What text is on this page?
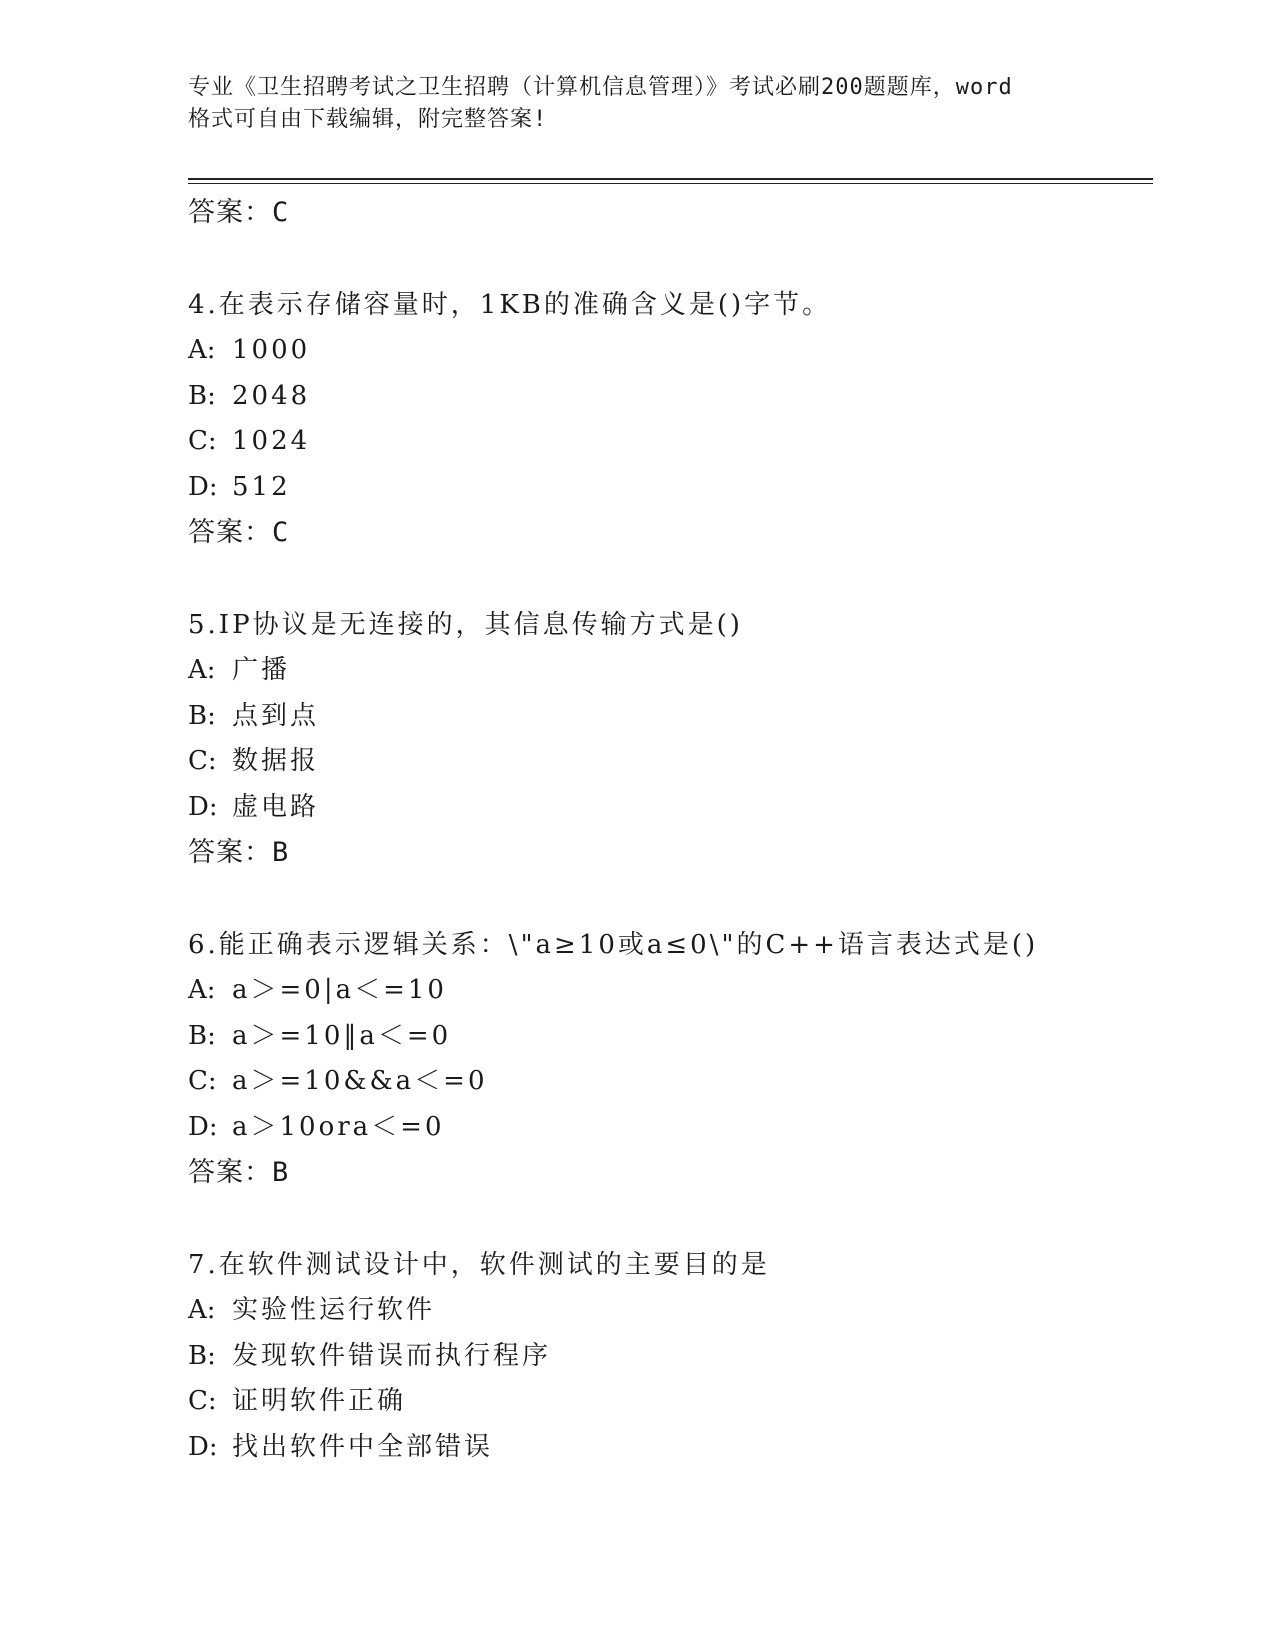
专业《卫生招聘考试之卫生招聘（计算机信息管理）》考试必刷200题题库，word
格式可自由下载编辑，附完整答案!
答案：C
4.在表示存储容量时，1KB的准确含义是()字节。
A: 1000
B: 2048
C: 1024
D: 512
答案：C
5.IP协议是无连接的，其信息传输方式是()
A: 广播
B: 点到点
C: 数据报
D: 虚电路
答案：B
6.能正确表示逻辑关系：\"a≥10或a≤0\"的C++语言表达式是()
A: a＞=0|a＜=10
B: a＞=10‖a＜=0
C: a＞=10&&a＜=0
D: a＞10ora＜=0
答案：B
7.在软件测试设计中，软件测试的主要目的是
A: 实验性运行软件
B: 发现软件错误而执行程序
C: 证明软件正确
D: 找出软件中全部错误
